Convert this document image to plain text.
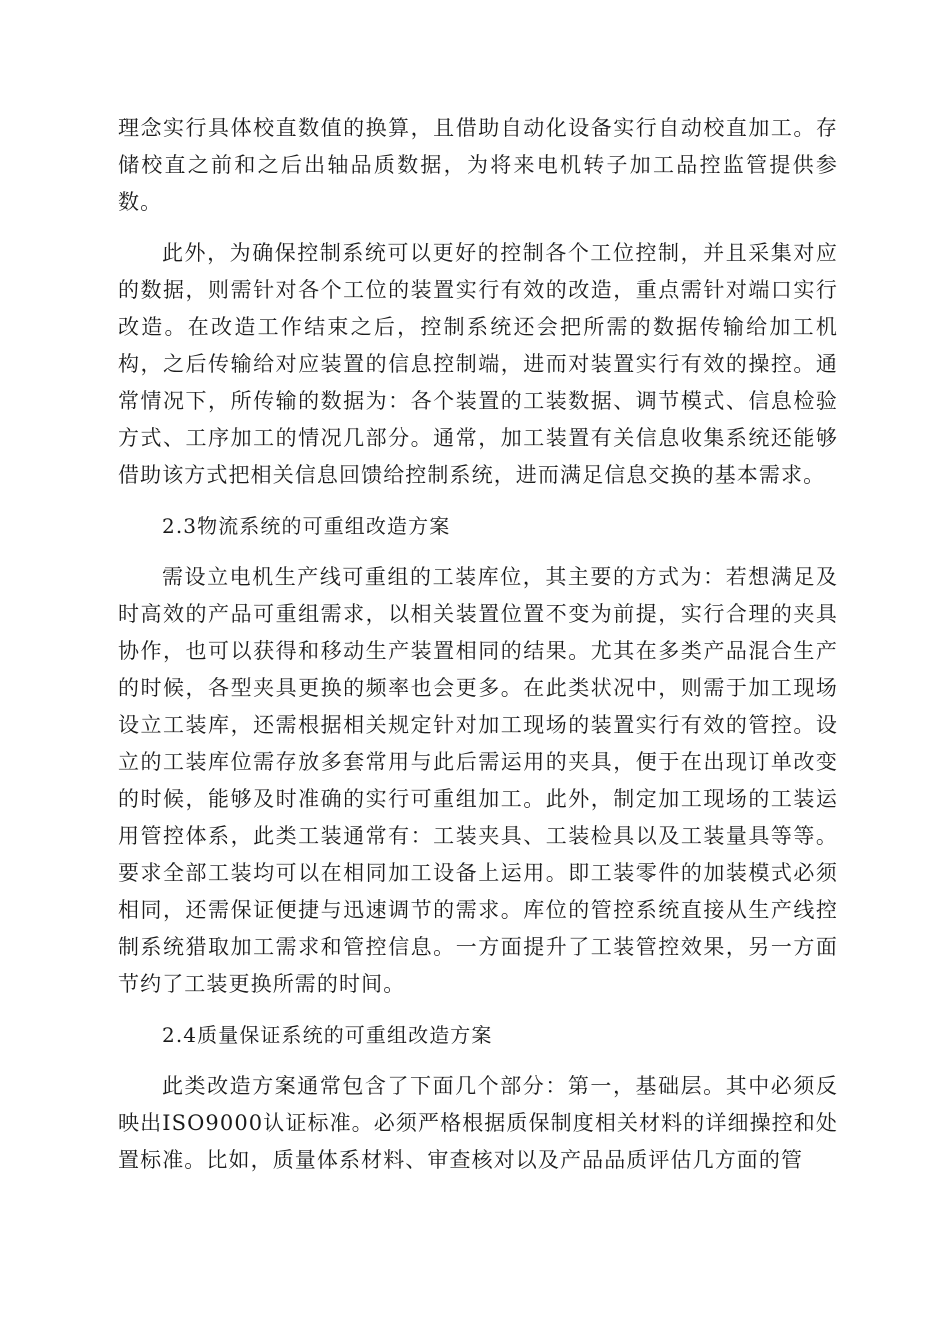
理念实行具体校直数值的换算，且借助自动化设备实行自动校直加工。存储校直之前和之后出轴品质数据，为将来电机转子加工品控监管提供参数。

此外，为确保控制系统可以更好的控制各个工位控制，并且采集对应的数据，则需针对各个工位的装置实行有效的改造，重点需针对端口实行改造。在改造工作结束之后，控制系统还会把所需的数据传输给加工机构，之后传输给对应装置的信息控制端，进而对装置实行有效的操控。通常情况下，所传输的数据为：各个装置的工装数据、调节模式、信息检验方式、工序加工的情况几部分。通常，加工装置有关信息收集系统还能够借助该方式把相关信息回馈给控制系统，进而满足信息交换的基本需求。

2.3物流系统的可重组改造方案

需设立电机生产线可重组的工装库位，其主要的方式为：若想满足及时高效的产品可重组需求，以相关装置位置不变为前提，实行合理的夹具协作，也可以获得和移动生产装置相同的结果。尤其在多类产品混合生产的时候，各型夹具更换的频率也会更多。在此类状况中，则需于加工现场设立工装库，还需根据相关规定针对加工现场的装置实行有效的管控。设立的工装库位需存放多套常用与此后需运用的夹具，便于在出现订单改变的时候，能够及时准确的实行可重组加工。此外，制定加工现场的工装运用管控体系，此类工装通常有：工装夹具、工装检具以及工装量具等等。要求全部工装均可以在相同加工设备上运用。即工装零件的加装模式必须相同，还需保证便捷与迅速调节的需求。库位的管控系统直接从生产线控制系统猎取加工需求和管控信息。一方面提升了工装管控效果，另一方面节约了工装更换所需的时间。

2.4质量保证系统的可重组改造方案

此类改造方案通常包含了下面几个部分：第一，基础层。其中必须反映出ISO9000认证标准。必须严格根据质保制度相关材料的详细操控和处置标准。比如，质量体系材料、审查核对以及产品品质评估几方面的管
